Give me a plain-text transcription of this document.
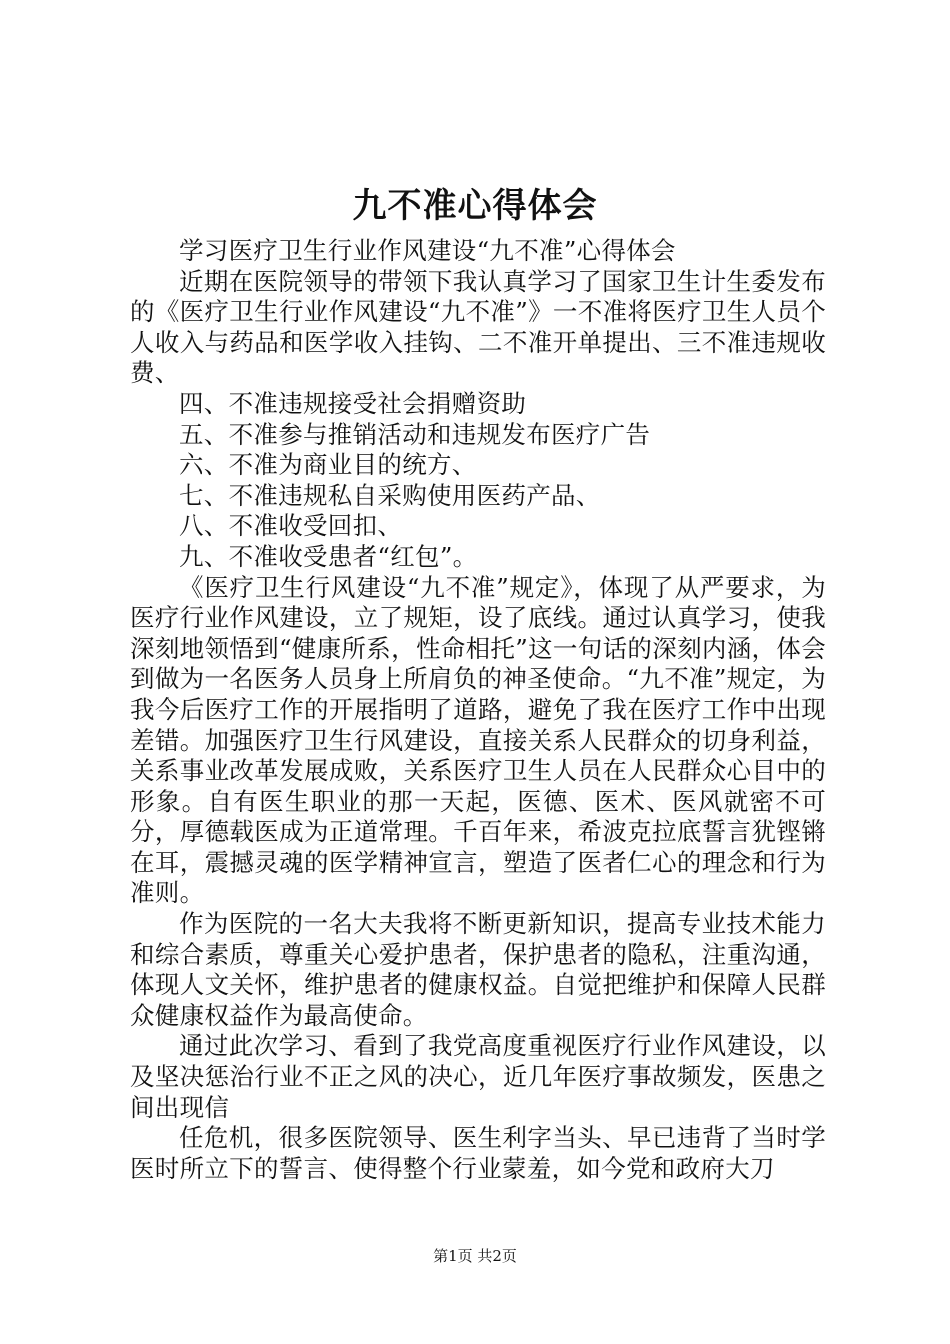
九不准心得体会

学习医疗卫生行业作风建设“九不准”心得体会

近期在医院领导的带领下我认真学习了国家卫生计生委发布的《医疗卫生行业作风建设“九不准”》一不准将医疗卫生人员个人收入与药品和医学收入挂钩、二不准开单提出、三不准违规收费、

四、不准违规接受社会捐赠资助

五、不准参与推销活动和违规发布医疗广告

六、不准为商业目的统方、

七、不准违规私自采购使用医药产品、

八、不准收受回扣、

九、不准收受患者“红包”。

《医疗卫生行风建设“九不准”规定》，体现了从严要求，为医疗行业作风建设，立了规矩，设了底线。通过认真学习，使我深刻地领悟到“健康所系，性命相托”这一句话的深刻内涵，体会到做为一名医务人员身上所肩负的神圣使命。“九不准”规定，为我今后医疗工作的开展指明了道路，避免了我在医疗工作中出现差错。加强医疗卫生行风建设，直接关系人民群众的切身利益，关系事业改革发展成败，关系医疗卫生人员在人民群众心目中的形象。自有医生职业的那一天起，医德、医术、医风就密不可分，厚德载医成为正道常理。千百年来，希波克拉底誓言犹铿锵在耳，震撼灵魂的医学精神宣言，塑造了医者仁心的理念和行为准则。

作为医院的一名大夫我将不断更新知识，提高专业技术能力和综合素质，尊重关心爱护患者，保护患者的隐私，注重沟通，体现人文关怀，维护患者的健康权益。自觉把维护和保障人民群众健康权益作为最高使命。

通过此次学习、看到了我党高度重视医疗行业作风建设，以及坚决惩治行业不正之风的决心，近几年医疗事故频发，医患之间出现信

任危机，很多医院领导、医生利字当头、早已违背了当时学医时所立下的誓言、使得整个行业蒙羞，如今党和政府大刀

第1页 共2页
